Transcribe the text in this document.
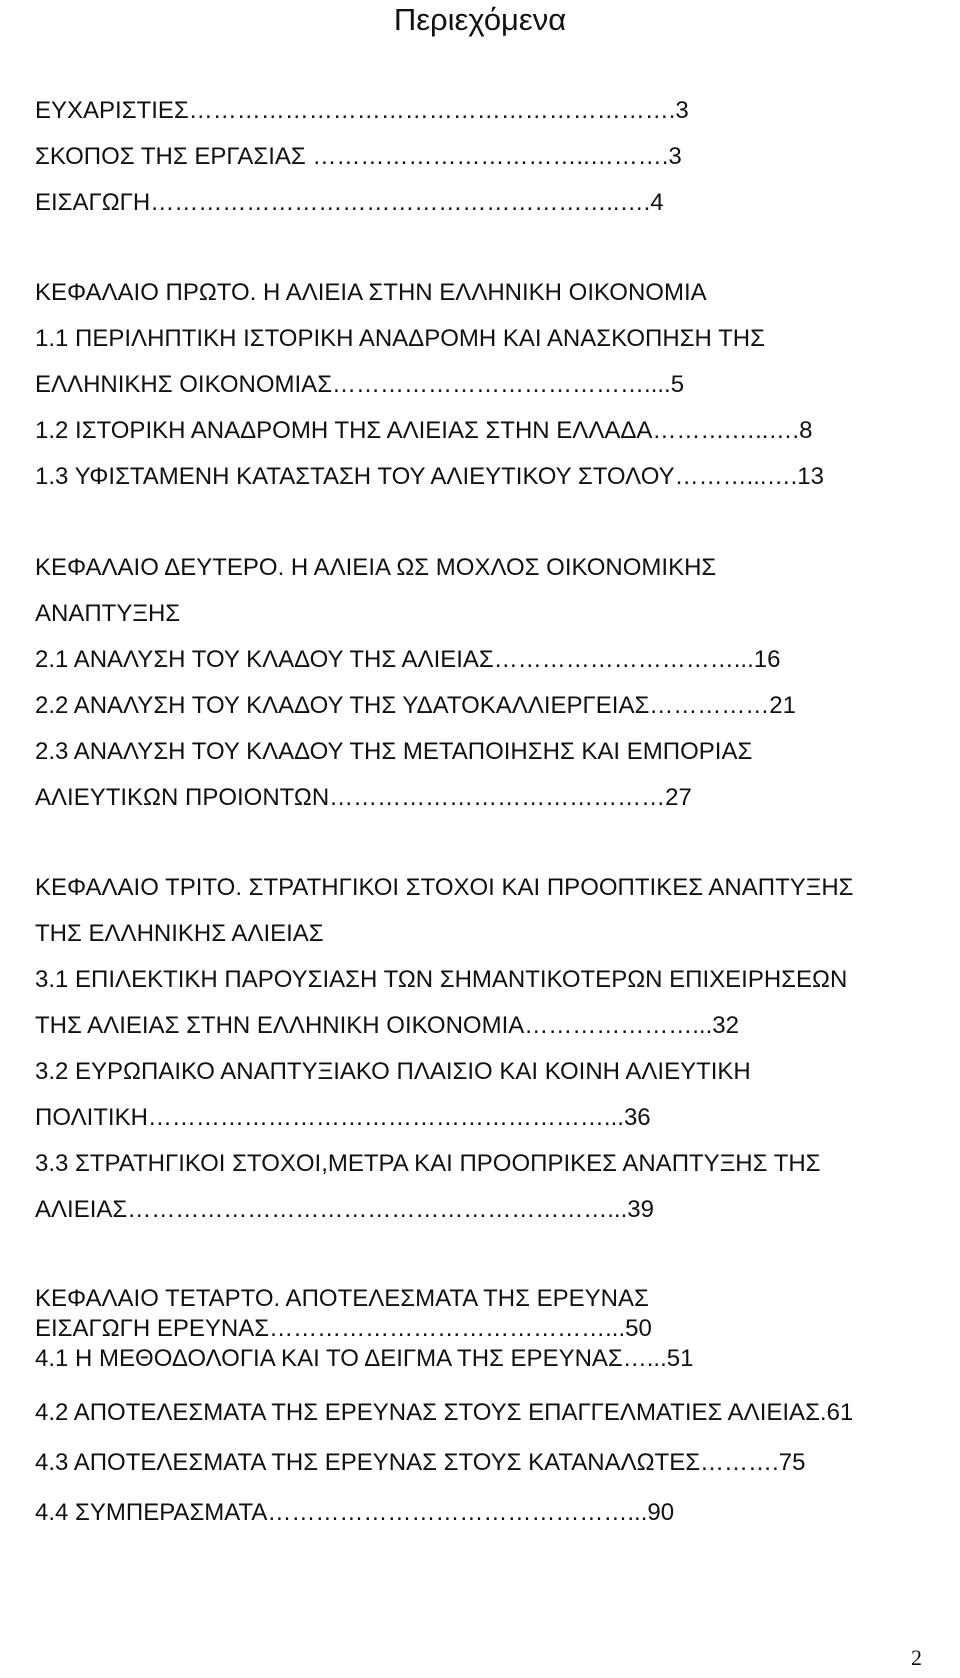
Περιεχόμενα
ΕΥΧΑΡΙΣΤΙΕΣ…………………………………………………….3
ΣΚΟΠΟΣ ΤΗΣ ΕΡΓΑΣΙΑΣ ……………………………..……….3
ΕΙΣΑΓΩΓΗ…………………………………………………..….4
ΚΕΦΑΛΑΙΟ ΠΡΩΤΟ. Η ΑΛΙΕΙΑ ΣΤΗΝ ΕΛΛΗΝΙΚΗ ΟΙΚΟΝΟΜΙΑ
1.1 ΠΕΡΙΛΗΠΤΙΚΗ ΙΣΤΟΡΙΚΗ ΑΝΑΔΡΟΜΗ ΚΑΙ ΑΝΑΣΚΟΠΗΣΗ ΤΗΣ
ΕΛΛΗΝΙΚΗΣ ΟΙΚΟΝΟΜΙΑΣ…………………………………....5
1.2 ΙΣΤΟΡΙΚΗ ΑΝΑΔΡΟΜΗ ΤΗΣ ΑΛΙΕΙΑΣ ΣΤΗΝ ΕΛΛΑΔΑ……….…..….8
1.3 ΥΦΙΣΤΑΜΕΝΗ ΚΑΤΑΣΤΑΣΗ ΤΟΥ ΑΛΙΕΥΤΙΚΟΥ ΣΤΟΛΟΥ………...….13
ΚΕΦΑΛΑΙΟ ΔΕΥΤΕΡΟ. Η ΑΛΙΕΙΑ ΩΣ ΜΟΧΛΟΣ ΟΙΚΟΝΟΜΙΚΗΣ
ΑΝΑΠΤΥΞΗΣ
2.1 ΑΝΑΛΥΣΗ ΤΟΥ ΚΛΑΔΟΥ ΤΗΣ ΑΛΙΕΙΑΣ…………………………...16
2.2 ΑΝΑΛΥΣΗ ΤΟΥ ΚΛΑΔΟΥ ΤΗΣ ΥΔΑΤΟΚΑΛΛΙΕΡΓΕΙΑΣ……………21
2.3 ΑΝΑΛΥΣΗ ΤΟΥ ΚΛΑΔΟΥ ΤΗΣ ΜΕΤΑΠΟΙΗΣΗΣ ΚΑΙ ΕΜΠΟΡΙΑΣ
ΑΛΙΕΥΤΙΚΩΝ ΠΡΟΙΟΝΤΩΝ……………………………………27
ΚΕΦΑΛΑΙΟ ΤΡΙΤΟ. ΣΤΡΑΤΗΓΙΚΟΙ ΣΤΟΧΟΙ ΚΑΙ ΠΡΟΟΠΤΙΚΕΣ ΑΝΑΠΤΥΞΗΣ
ΤΗΣ ΕΛΛΗΝΙΚΗΣ ΑΛΙΕΙΑΣ
3.1 ΕΠΙΛΕΚΤΙΚΗ ΠΑΡΟΥΣΙΑΣΗ ΤΩΝ ΣΗΜΑΝΤΙΚΟΤΕΡΩΝ ΕΠΙΧΕΙΡΗΣΕΩΝ
ΤΗΣ ΑΛΙΕΙΑΣ ΣΤΗΝ ΕΛΛΗΝΙΚΗ ΟΙΚΟΝΟΜΙΑ…………………...32
3.2 ΕΥΡΩΠΑΙΚΟ ΑΝΑΠΤΥΞΙΑΚΟ ΠΛΑΙΣΙΟ ΚΑΙ ΚΟΙΝΗ ΑΛΙΕΥΤΙΚΗ
ΠΟΛΙΤΙΚΗ…………………………………………………...36
3.3 ΣΤΡΑΤΗΓΙΚΟΙ ΣΤΟΧΟΙ,ΜΕΤΡΑ ΚΑΙ ΠΡΟΟΠΡΙΚΕΣ ΑΝΑΠΤΥΞΗΣ ΤΗΣ
ΑΛΙΕΙΑΣ……………………………………………………...39
ΚΕΦΑΛΑΙΟ ΤΕΤΑΡΤΟ. ΑΠΟΤΕΛΕΣΜΑΤΑ ΤΗΣ ΕΡΕΥΝΑΣ
ΕΙΣΑΓΩΓΗ ΕΡΕΥΝΑΣ……………………………………...50
4.1 Η ΜΕΘΟΔΟΛΟΓΙΑ ΚΑΙ ΤΟ ΔΕΙΓΜΑ ΤΗΣ ΕΡΕΥΝΑΣ…...51
4.2 ΑΠΟΤΕΛΕΣΜΑΤΑ ΤΗΣ ΕΡΕΥΝΑΣ ΣΤΟΥΣ ΕΠΑΓΓΕΛΜΑΤΙΕΣ ΑΛΙΕΙΑΣ.61
4.3 ΑΠΟΤΕΛΕΣΜΑΤΑ ΤΗΣ ΕΡΕΥΝΑΣ ΣΤΟΥΣ ΚΑΤΑΝΑΛΩΤΕΣ……….75
4.4 ΣΥΜΠΕΡΑΣΜΑΤΑ………………………………………...90
2
